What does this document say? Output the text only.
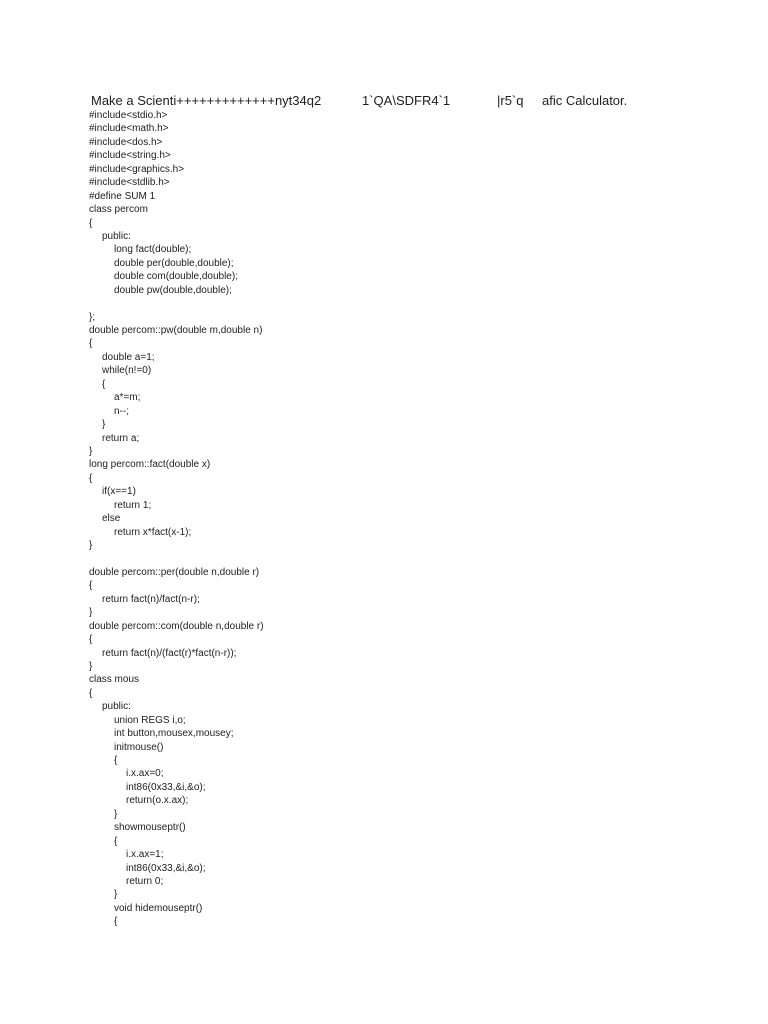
Make a Scienti+++++++++++++nyt34q2

	1`QA\SDFR4`1

	|r5`q

afic Calculator.

#include<stdio.h>
#include<math.h>
#include<dos.h>
#include<string.h>
#include<graphics.h>
#include<stdlib.h>
#define SUM 1
class percom
{
public:
long fact(double);
double per(double,double);
double com(double,double);
double pw(double,double);
};
double percom::pw(double m,double n)
{
double a=1;
while(n!=0)
{
a*=m;
n--;
}
return a;
}
long percom::fact(double x)
{
if(x==1)
return 1;
else
return x*fact(x-1);
}
double percom::per(double n,double r)
{
return fact(n)/fact(n-r);
}
double percom::com(double n,double r)
{
return fact(n)/(fact(r)*fact(n-r));
}
class mous
{
public:
union REGS i,o;
int button,mousex,mousey;
initmouse()
{
i.x.ax=0;
int86(0x33,&i,&o);
return(o.x.ax);
}
showmouseptr()
{
i.x.ax=1;
int86(0x33,&i,&o);
return 0;
}
void hidemouseptr()
{
